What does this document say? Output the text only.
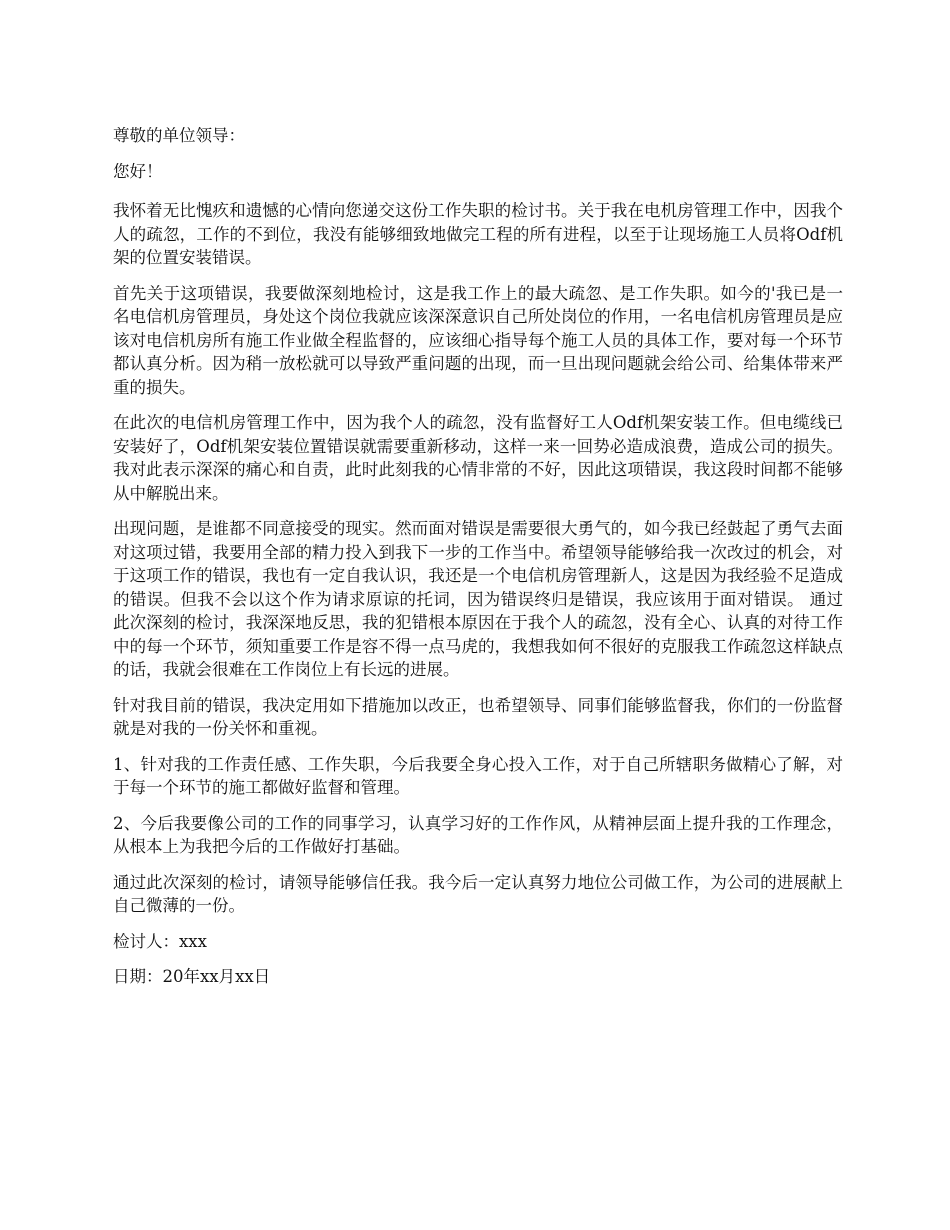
尊敬的单位领导：

您好！

我怀着无比愧疚和遗憾的心情向您递交这份工作失职的检讨书。关于我在电机房管理工作中，因我个人的疏忽，工作的不到位，我没有能够细致地做完工程的所有进程，以至于让现场施工人员将Odf机架的位置安装错误。

首先关于这项错误，我要做深刻地检讨，这是我工作上的最大疏忽、是工作失职。如今的'我已是一名电信机房管理员，身处这个岗位我就应该深深意识自己所处岗位的作用，一名电信机房管理员是应该对电信机房所有施工作业做全程监督的，应该细心指导每个施工人员的具体工作，要对每一个环节都认真分析。因为稍一放松就可以导致严重问题的出现，而一旦出现问题就会给公司、给集体带来严重的损失。

在此次的电信机房管理工作中，因为我个人的疏忽，没有监督好工人Odf机架安装工作。但电缆线已安装好了，Odf机架安装位置错误就需要重新移动，这样一来一回势必造成浪费，造成公司的损失。我对此表示深深的痛心和自责，此时此刻我的心情非常的不好，因此这项错误，我这段时间都不能够从中解脱出来。

出现问题，是谁都不同意接受的现实。然而面对错误是需要很大勇气的，如今我已经鼓起了勇气去面对这项过错，我要用全部的精力投入到我下一步的工作当中。希望领导能够给我一次改过的机会，对于这项工作的错误，我也有一定自我认识，我还是一个电信机房管理新人，这是因为我经验不足造成的错误。但我不会以这个作为请求原谅的托词，因为错误终归是错误，我应该用于面对错误。 通过此次深刻的检讨，我深深地反思，我的犯错根本原因在于我个人的疏忽，没有全心、认真的对待工作中的每一个环节，须知重要工作是容不得一点马虎的，我想我如何不很好的克服我工作疏忽这样缺点的话，我就会很难在工作岗位上有长远的进展。

针对我目前的错误，我决定用如下措施加以改正，也希望领导、同事们能够监督我，你们的一份监督就是对我的一份关怀和重视。

1、针对我的工作责任感、工作失职，今后我要全身心投入工作，对于自己所辖职务做精心了解，对于每一个环节的施工都做好监督和管理。

2、今后我要像公司的工作的同事学习，认真学习好的工作作风，从精神层面上提升我的工作理念，从根本上为我把今后的工作做好打基础。

通过此次深刻的检讨，请领导能够信任我。我今后一定认真努力地位公司做工作，为公司的进展献上自己微薄的一份。

检讨人：xxx

日期：20年xx月xx日
